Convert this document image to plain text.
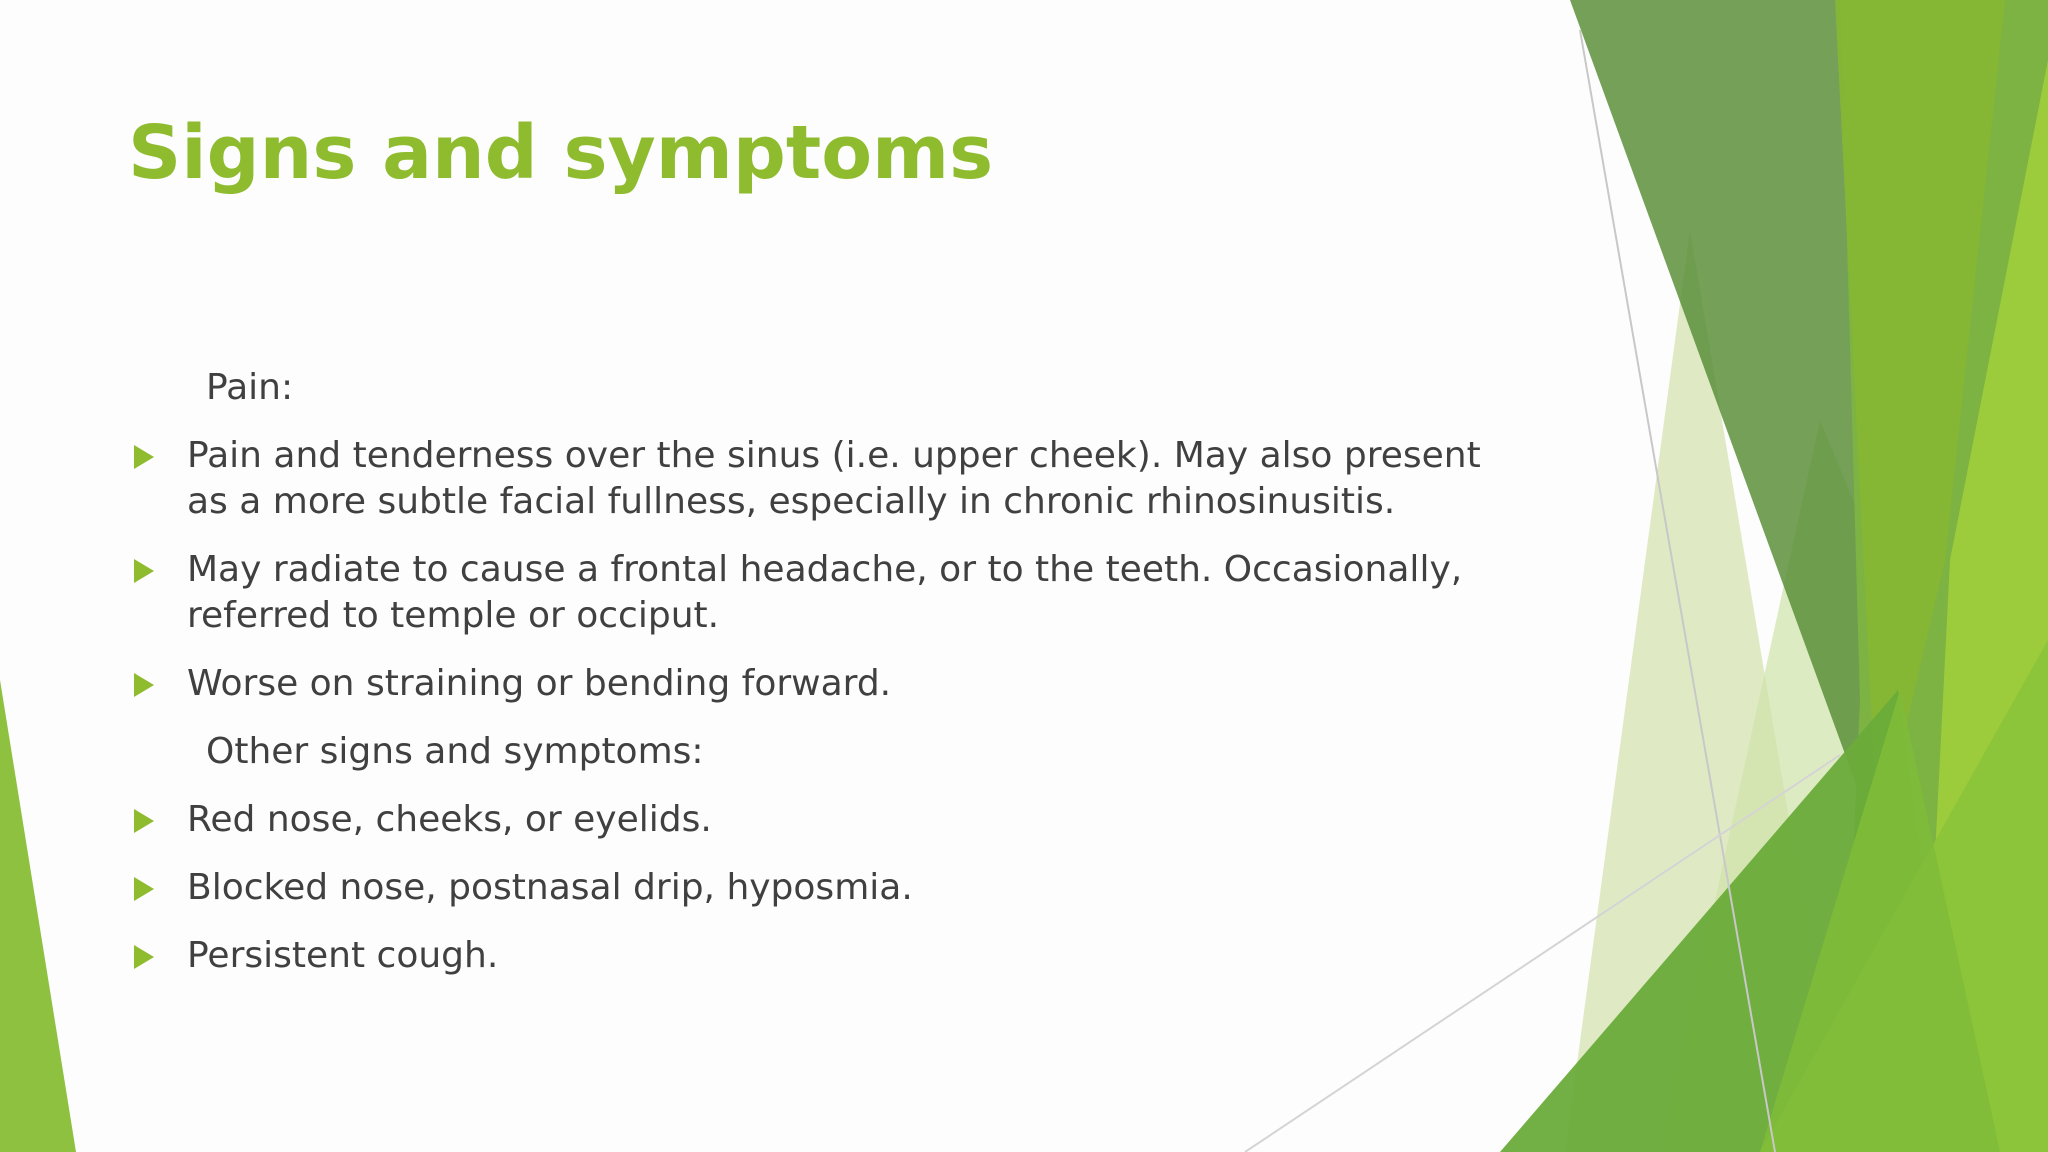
Signs and symptoms

Pain:

Pain and tenderness over the sinus (i.e. upper cheek). May also present as a more subtle facial fullness, especially in chronic rhinosinusitis.
May radiate to cause a frontal headache, or to the teeth. Occasionally, referred to temple or occiput.
Worse on straining or bending forward.

Other signs and symptoms:

Red nose, cheeks, or eyelids.
Blocked nose, postnasal drip, hyposmia.
Persistent cough.
